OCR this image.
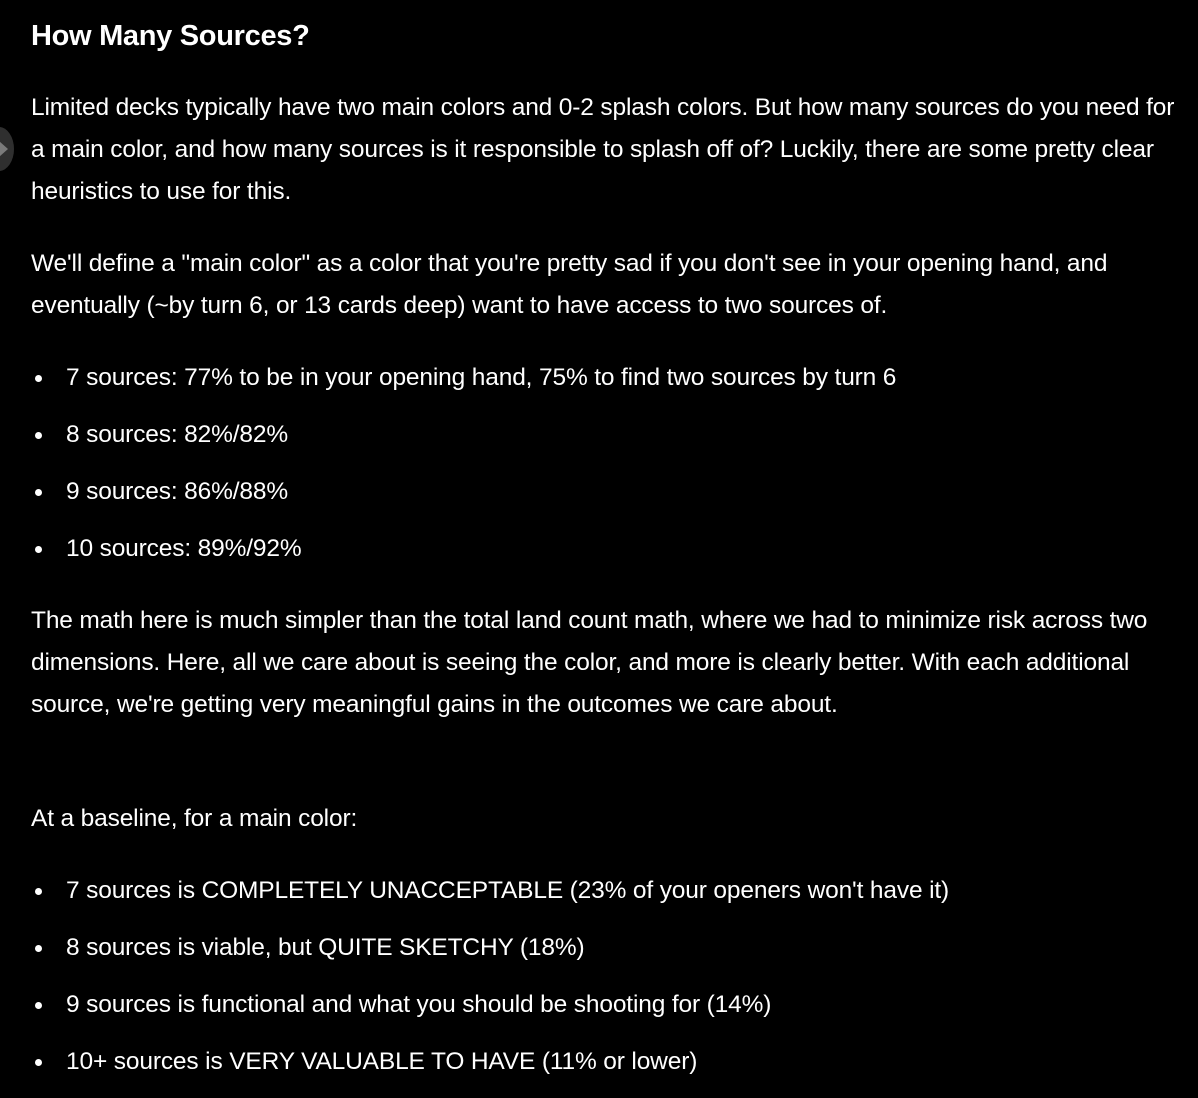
How Many Sources?

Limited decks typically have two main colors and 0-2 splash colors. But how many sources do you need for a main color, and how many sources is it responsible to splash off of? Luckily, there are some pretty clear heuristics to use for this.

We'll define a "main color" as a color that you're pretty sad if you don't see in your opening hand, and eventually (~by turn 6, or 13 cards deep) want to have access to two sources of.

7 sources: 77% to be in your opening hand, 75% to find two sources by turn 6
8 sources: 82%/82%
9 sources: 86%/88%
10 sources: 89%/92%

The math here is much simpler than the total land count math, where we had to minimize risk across two dimensions. Here, all we care about is seeing the color, and more is clearly better. With each additional source, we're getting very meaningful gains in the outcomes we care about.

At a baseline, for a main color:

7 sources is COMPLETELY UNACCEPTABLE (23% of your openers won't have it)
8 sources is viable, but QUITE SKETCHY (18%)
9 sources is functional and what you should be shooting for (14%)
10+ sources is VERY VALUABLE TO HAVE (11% or lower)
